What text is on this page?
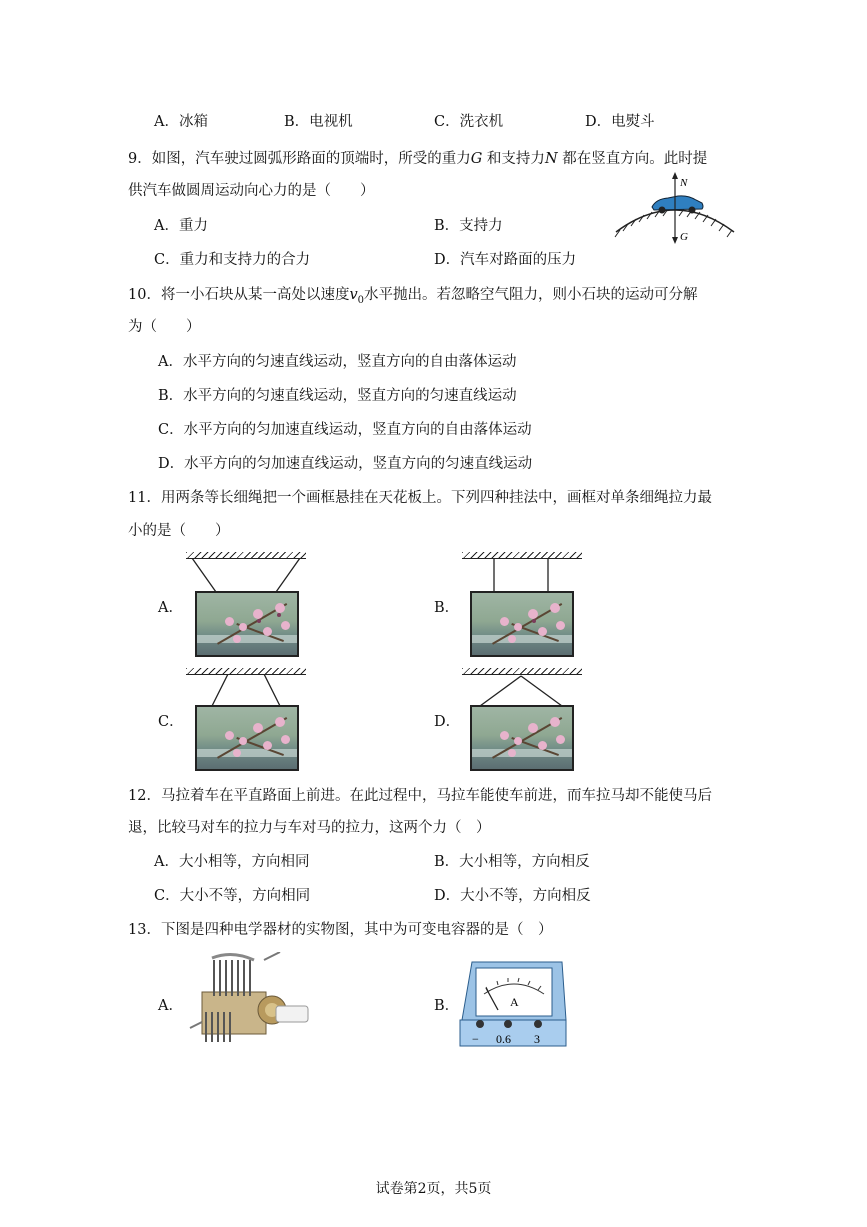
A．冰箱	B．电视机	C．洗衣机	D．电熨斗
9．如图，汽车驶过圆弧形路面的顶端时，所受的重力G 和支持力N 都在竖直方向。此时提
供汽车做圆周运动向心力的是（　　）
A．重力	B．支持力
C．重力和支持力的合力	D．汽车对路面的压力
N
G
10．将一小石块从某一高处以速度$v_0$水平抛出。若忽略空气阻力，则小石块的运动可分解
为（　　）
A．水平方向的匀速直线运动，竖直方向的自由落体运动
B．水平方向的匀速直线运动，竖直方向的匀速直线运动
C．水平方向的匀加速直线运动，竖直方向的自由落体运动
D．水平方向的匀加速直线运动，竖直方向的匀速直线运动
11．用两条等长细绳把一个画框悬挂在天花板上。下列四种挂法中，画框对单条细绳拉力最
小的是（　　）
A．	B．
C．	D．
12．马拉着车在平直路面上前进。在此过程中，马拉车能使车前进，而车拉马却不能使马后
退，比较马对车的拉力与车对马的拉力，这两个力（　）
A．大小相等，方向相同	B．大小相等，方向相反
C．大小不等，方向相同	D．大小不等，方向相反
13．下图是四种电学器材的实物图，其中为可变电容器的是（　）
A．	B．	A
− 0.6 3
试卷第2页，共5页
